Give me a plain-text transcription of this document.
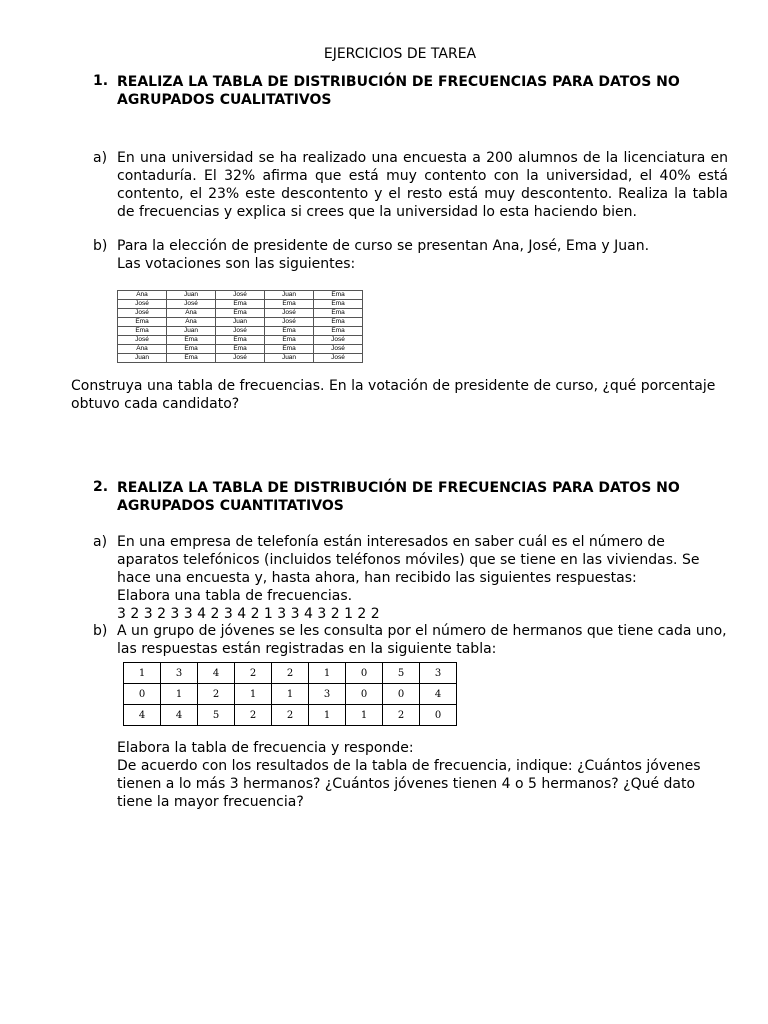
EJERCICIOS DE TAREA
1. REALIZA LA TABLA DE DISTRIBUCIÓN DE FRECUENCIAS PARA DATOS NO
AGRUPADOS CUALITATIVOS
a) En una universidad se ha realizado una encuesta a 200 alumnos de la licenciatura en contaduría. El 32% afirma que está muy contento con la universidad, el 40% está contento, el 23% este descontento y el resto está muy descontento. Realiza la tabla de frecuencias y explica si crees que la universidad lo esta haciendo bien.
b) Para la elección de presidente de curso se presentan Ana, José, Ema y Juan. Las votaciones son las siguientes:
Ana	Juan	José	Juan	Ema
José	José	Ema	Ema	Ema
José	Ana	Ema	José	Ema
Ema	Ana	Juan	José	Ema
Ema	Juan	José	Ema	Ema
José	Ema	Ema	Ema	José
Ana	Ema	Ema	Ema	José
Juan	Ema	José	Juan	José
Construya una tabla de frecuencias. En la votación de presidente de curso, ¿qué porcentaje obtuvo cada candidato?
2. REALIZA LA TABLA DE DISTRIBUCIÓN DE FRECUENCIAS PARA DATOS NO
AGRUPADOS CUANTITATIVOS
a) En una empresa de telefonía están interesados en saber cuál es el número de aparatos telefónicos (incluidos teléfonos móviles) que se tiene en las viviendas. Se hace una encuesta y, hasta ahora, han recibido las siguientes respuestas:
Elabora una tabla de frecuencias.
3 2 3 2 3 3 4 2 3 4 2 1 3 3 4 3 2 1 2 2
b) A un grupo de jóvenes se les consulta por el número de hermanos que tiene cada uno, las respuestas están registradas en la siguiente tabla:
1	3	4	2	2	1	0	5	3
0	1	2	1	1	3	0	0	4
4	4	5	2	2	1	1	2	0
Elabora la tabla de frecuencia y responde:
De acuerdo con los resultados de la tabla de frecuencia, indique: ¿Cuántos jóvenes tienen a lo más 3 hermanos? ¿Cuántos jóvenes tienen 4 o 5 hermanos? ¿Qué dato tiene la mayor frecuencia?
